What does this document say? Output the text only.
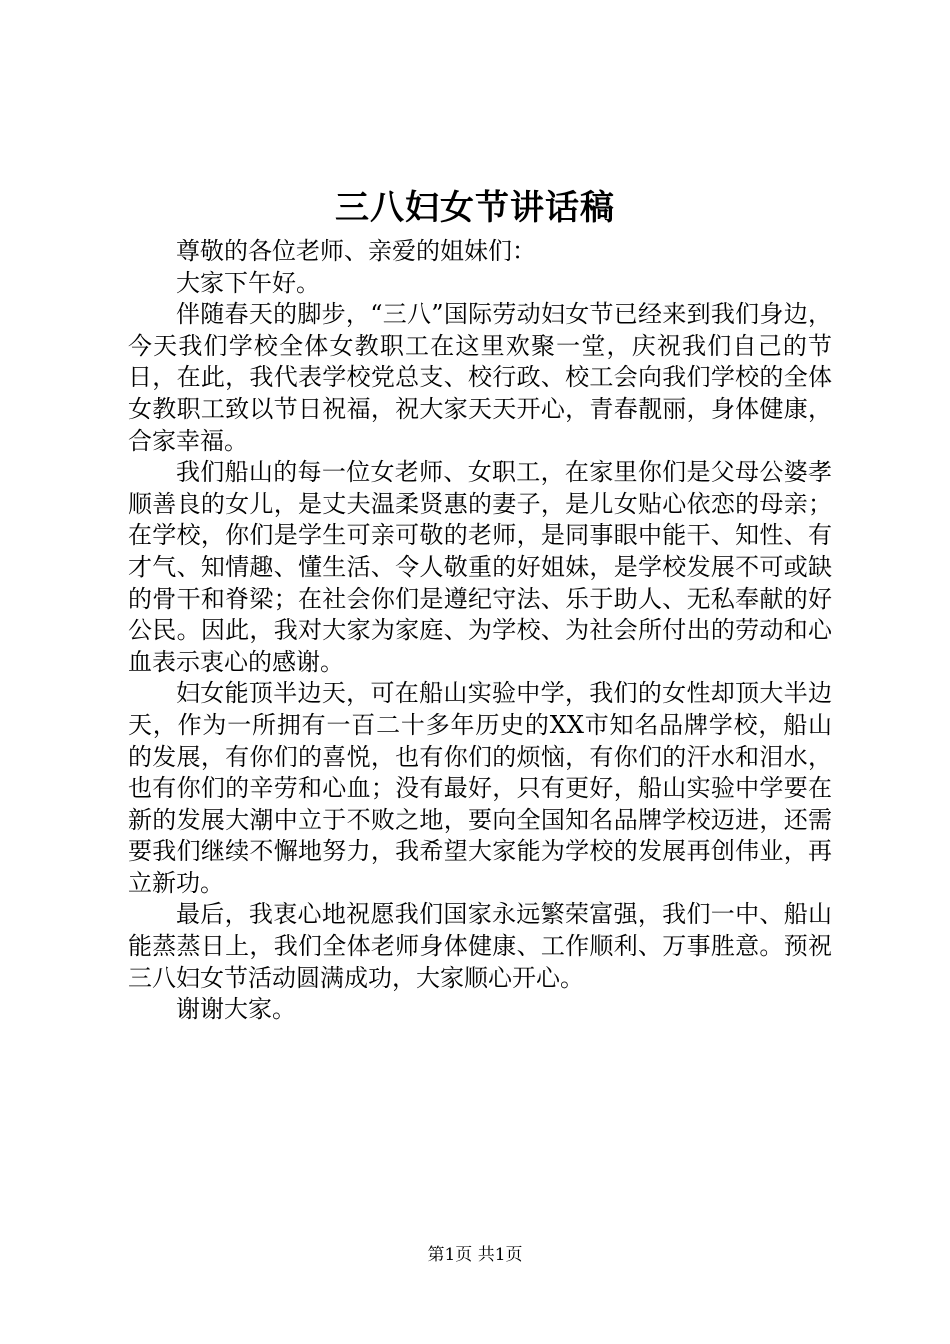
三八妇女节讲话稿

尊敬的各位老师、亲爱的姐妹们：

大家下午好。

伴随春天的脚步，“三八”国际劳动妇女节已经来到我们身边，今天我们学校全体女教职工在这里欢聚一堂，庆祝我们自己的节日，在此，我代表学校党总支、校行政、校工会向我们学校的全体女教职工致以节日祝福，祝大家天天开心，青春靓丽，身体健康，合家幸福。

我们船山的每一位女老师、女职工，在家里你们是父母公婆孝顺善良的女儿，是丈夫温柔贤惠的妻子，是儿女贴心依恋的母亲；在学校，你们是学生可亲可敬的老师，是同事眼中能干、知性、有才气、知情趣、懂生活、令人敬重的好姐妹，是学校发展不可或缺的骨干和脊梁；在社会你们是遵纪守法、乐于助人、无私奉献的好公民。因此，我对大家为家庭、为学校、为社会所付出的劳动和心血表示衷心的感谢。

妇女能顶半边天，可在船山实验中学，我们的女性却顶大半边天，作为一所拥有一百二十多年历史的XX市知名品牌学校，船山的发展，有你们的喜悦，也有你们的烦恼，有你们的汗水和泪水，也有你们的辛劳和心血；没有最好，只有更好，船山实验中学要在新的发展大潮中立于不败之地，要向全国知名品牌学校迈进，还需要我们继续不懈地努力，我希望大家能为学校的发展再创伟业，再立新功。

最后，我衷心地祝愿我们国家永远繁荣富强，我们一中、船山能蒸蒸日上，我们全体老师身体健康、工作顺利、万事胜意。预祝三八妇女节活动圆满成功，大家顺心开心。

谢谢大家。

第1页 共1页
